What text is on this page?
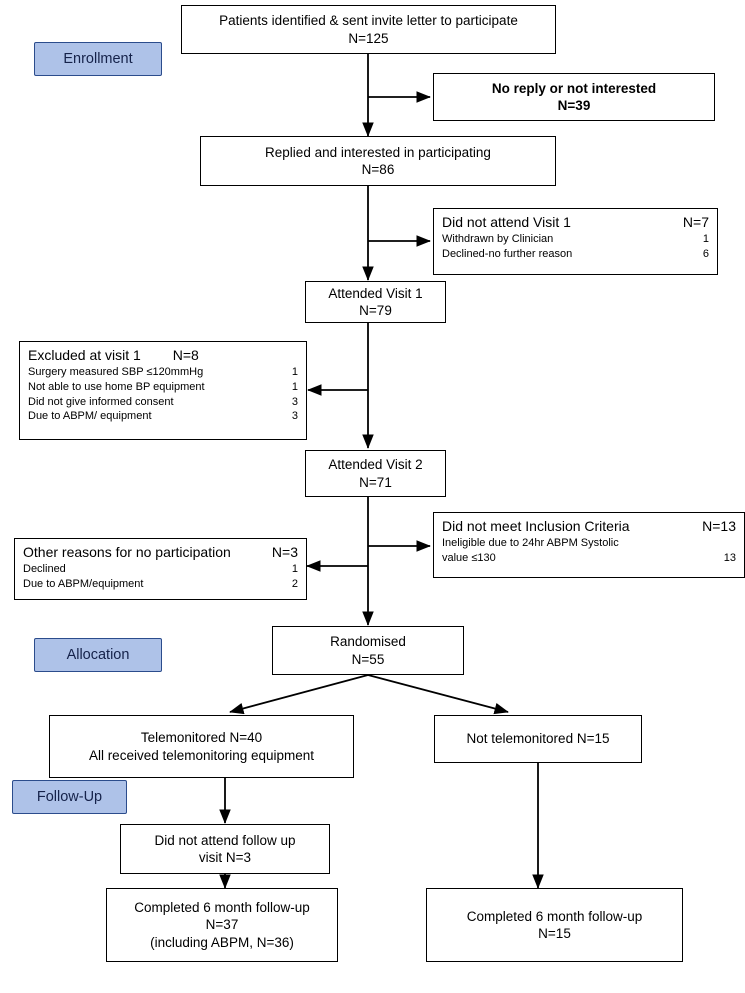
Enrollment
Allocation
Follow-Up
Patients identified & sent invite letter to participate
N=125
No reply or not interested
N=39
Replied and interested in participating
N=86
Did not attend Visit 1	N=7
Withdrawn by Clinician	1
Declined-no further reason	6
Attended Visit 1
N=79
Excluded at visit 1 N=8
Surgery measured SBP ≤120mmHg	1
Not able to use home BP equipment	1
Did not give informed consent	3
Due to ABPM/ equipment	3
Attended Visit 2
N=71
Did not meet Inclusion Criteria	N=13
Ineligible due to 24hr ABPM Systolic
value ≤130	13
Other reasons for no participation	N=3
Declined	1
Due to ABPM/equipment	2
Randomised
N=55
Telemonitored N=40
All received telemonitoring equipment
Not telemonitored N=15
Did not attend follow up
visit N=3
Completed 6 month follow-up
N=37
(including ABPM, N=36)
Completed 6 month follow-up
N=15
